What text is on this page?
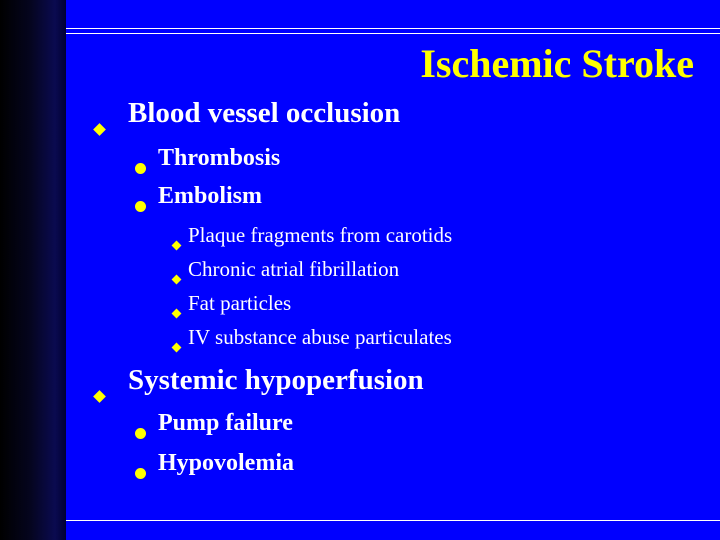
Ischemic Stroke
Blood vessel occlusion
Thrombosis
Embolism
Plaque fragments from carotids
Chronic atrial fibrillation
Fat particles
IV substance abuse particulates
Systemic hypoperfusion
Pump failure
Hypovolemia
